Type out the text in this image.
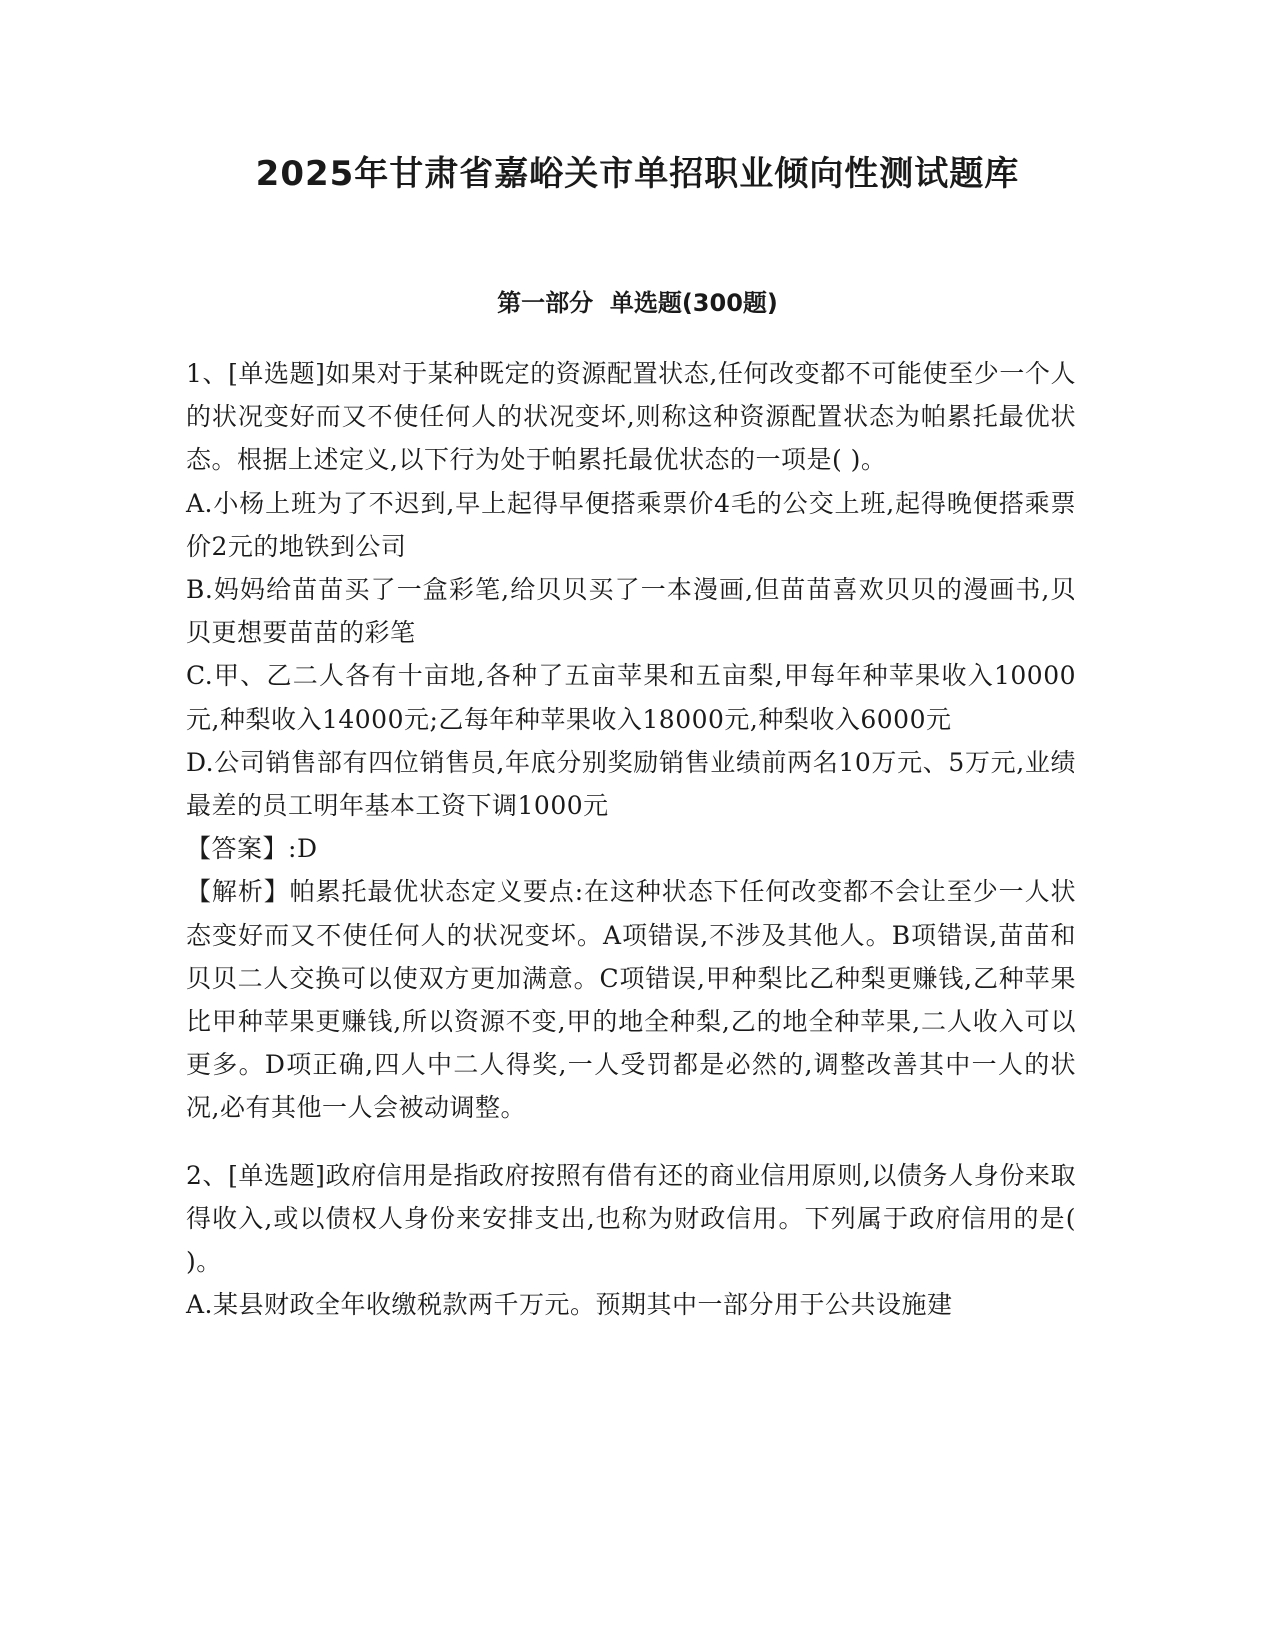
2025年甘肃省嘉峪关市单招职业倾向性测试题库
第一部分  单选题(300题)

1、[单选题]如果对于某种既定的资源配置状态,任何改变都不可能使至少一个人的状况变好而又不使任何人的状况变坏,则称这种资源配置状态为帕累托最优状态。根据上述定义,以下行为处于帕累托最优状态的一项是( )。

A.小杨上班为了不迟到,早上起得早便搭乘票价4毛的公交上班,起得晚便搭乘票价2元的地铁到公司

B.妈妈给苗苗买了一盒彩笔,给贝贝买了一本漫画,但苗苗喜欢贝贝的漫画书,贝贝更想要苗苗的彩笔

C.甲、乙二人各有十亩地,各种了五亩苹果和五亩梨,甲每年种苹果收入10000元,种梨收入14000元;乙每年种苹果收入18000元,种梨收入6000元

D.公司销售部有四位销售员,年底分别奖励销售业绩前两名10万元、5万元,业绩最差的员工明年基本工资下调1000元

【答案】:D

【解析】帕累托最优状态定义要点:在这种状态下任何改变都不会让至少一人状态变好而又不使任何人的状况变坏。A项错误,不涉及其他人。B项错误,苗苗和贝贝二人交换可以使双方更加满意。C项错误,甲种梨比乙种梨更赚钱,乙种苹果比甲种苹果更赚钱,所以资源不变,甲的地全种梨,乙的地全种苹果,二人收入可以更多。D项正确,四人中二人得奖,一人受罚都是必然的,调整改善其中一人的状况,必有其他一人会被动调整。

2、[单选题]政府信用是指政府按照有借有还的商业信用原则,以债务人身份来取得收入,或以债权人身份来安排支出,也称为财政信用。下列属于政府信用的是( )。

A.某县财政全年收缴税款两千万元。预期其中一部分用于公共设施建
